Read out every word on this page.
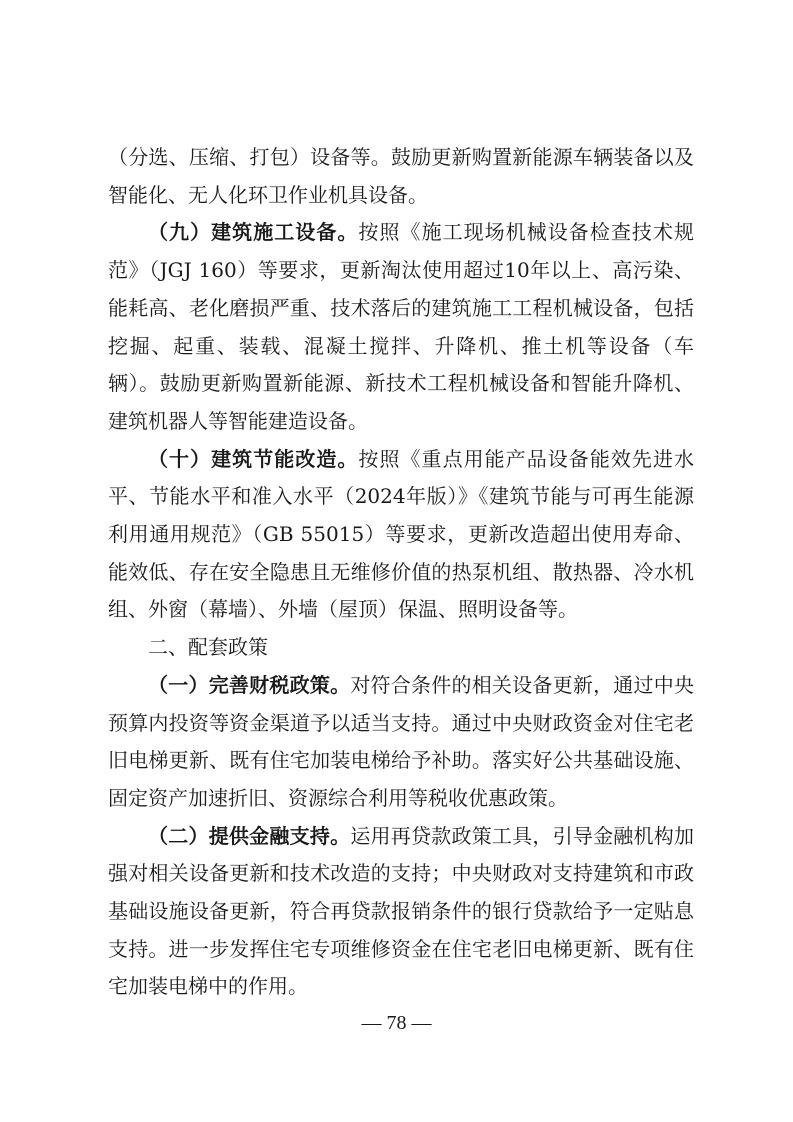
（分选、压缩、打包）设备等。鼓励更新购置新能源车辆装备以及智能化、无人化环卫作业机具设备。

（九）建筑施工设备。按照《施工现场机械设备检查技术规范》（JGJ 160）等要求，更新淘汰使用超过10年以上、高污染、能耗高、老化磨损严重、技术落后的建筑施工工程机械设备，包括挖掘、起重、装载、混凝土搅拌、升降机、推土机等设备（车辆）。鼓励更新购置新能源、新技术工程机械设备和智能升降机、建筑机器人等智能建造设备。

（十）建筑节能改造。按照《重点用能产品设备能效先进水平、节能水平和准入水平（2024年版）》《建筑节能与可再生能源利用通用规范》（GB 55015）等要求，更新改造超出使用寿命、能效低、存在安全隐患且无维修价值的热泵机组、散热器、冷水机组、外窗（幕墙）、外墙（屋顶）保温、照明设备等。

二、配套政策

（一）完善财税政策。对符合条件的相关设备更新，通过中央预算内投资等资金渠道予以适当支持。通过中央财政资金对住宅老旧电梯更新、既有住宅加装电梯给予补助。落实好公共基础设施、固定资产加速折旧、资源综合利用等税收优惠政策。

（二）提供金融支持。运用再贷款政策工具，引导金融机构加强对相关设备更新和技术改造的支持；中央财政对支持建筑和市政基础设施设备更新，符合再贷款报销条件的银行贷款给予一定贴息支持。进一步发挥住宅专项维修资金在住宅老旧电梯更新、既有住宅加装电梯中的作用。

— 78 —
